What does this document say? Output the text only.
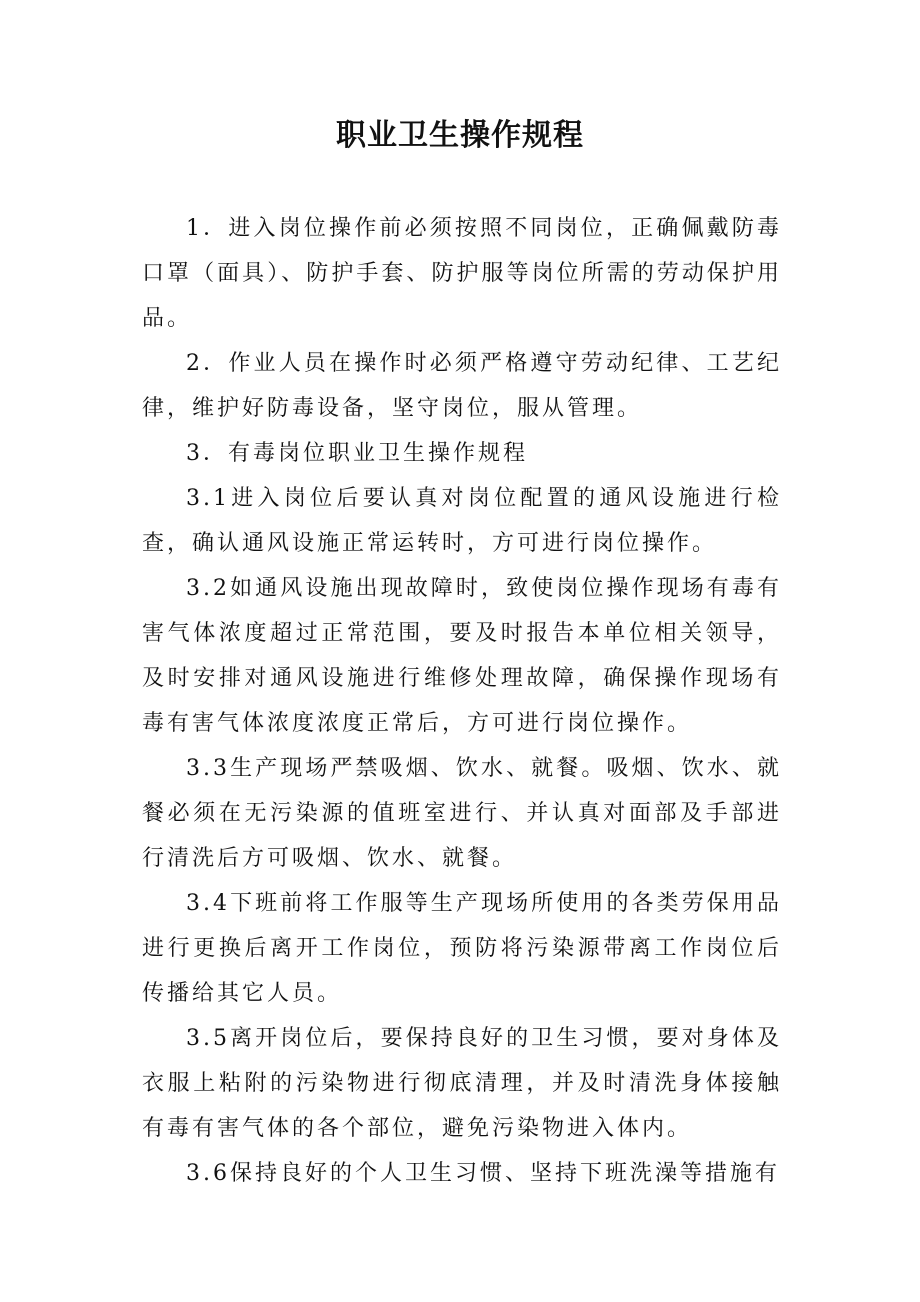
职业卫生操作规程

1．进入岗位操作前必须按照不同岗位，正确佩戴防毒口罩（面具）、防护手套、防护服等岗位所需的劳动保护用品。

2．作业人员在操作时必须严格遵守劳动纪律、工艺纪律，维护好防毒设备，坚守岗位，服从管理。

3．有毒岗位职业卫生操作规程

3.1进入岗位后要认真对岗位配置的通风设施进行检查，确认通风设施正常运转时，方可进行岗位操作。

3.2如通风设施出现故障时，致使岗位操作现场有毒有害气体浓度超过正常范围，要及时报告本单位相关领导，及时安排对通风设施进行维修处理故障，确保操作现场有毒有害气体浓度浓度正常后，方可进行岗位操作。

3.3生产现场严禁吸烟、饮水、就餐。吸烟、饮水、就餐必须在无污染源的值班室进行、并认真对面部及手部进行清洗后方可吸烟、饮水、就餐。

3.4下班前将工作服等生产现场所使用的各类劳保用品进行更换后离开工作岗位，预防将污染源带离工作岗位后传播给其它人员。

3.5离开岗位后，要保持良好的卫生习惯，要对身体及衣服上粘附的污染物进行彻底清理，并及时清洗身体接触有毒有害气体的各个部位，避免污染物进入体内。

3.6保持良好的个人卫生习惯、坚持下班洗澡等措施有
